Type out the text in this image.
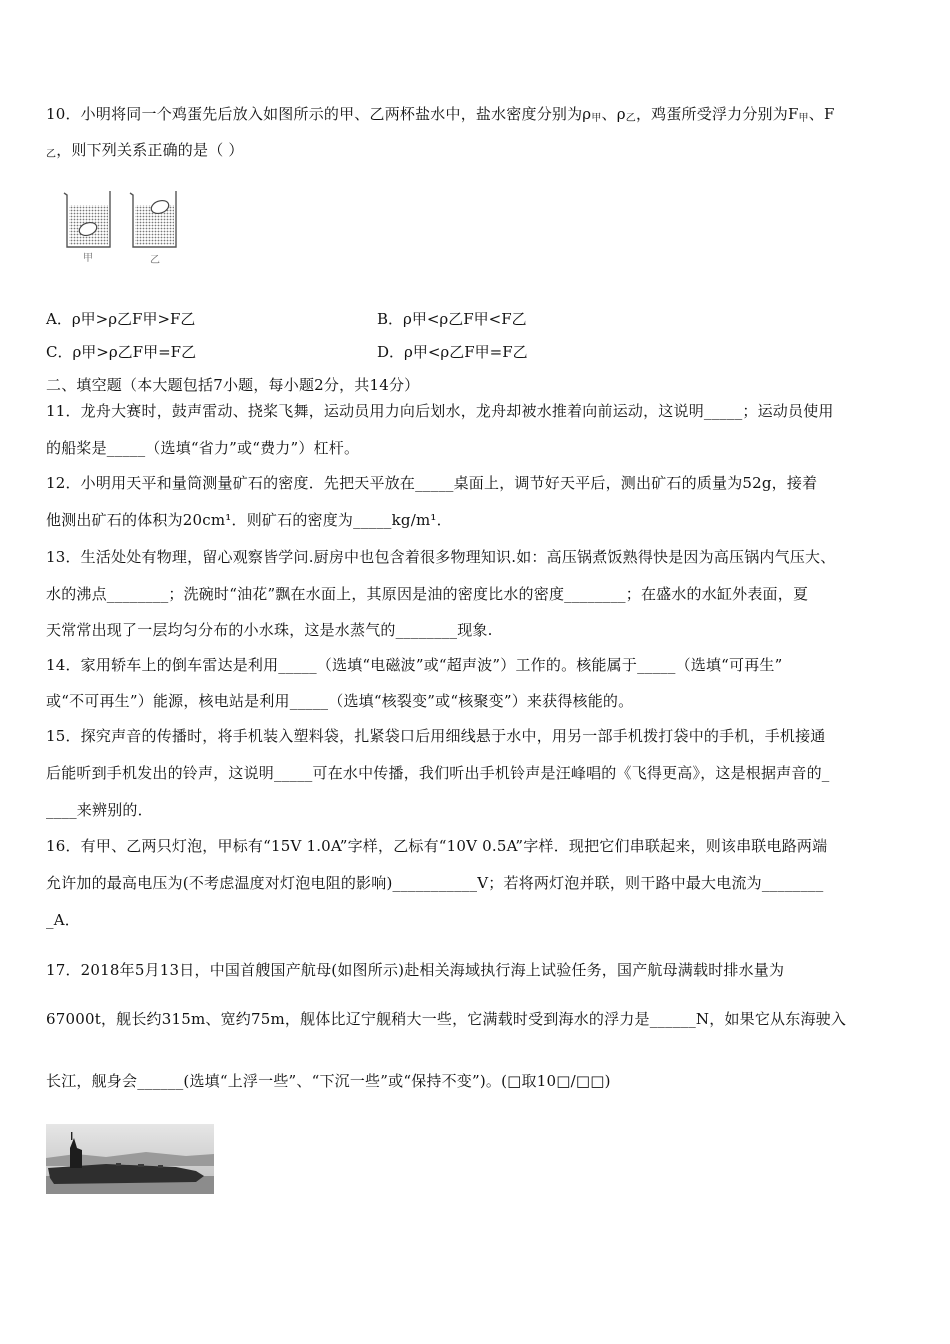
10．小明将同一个鸡蛋先后放入如图所示的甲、乙两杯盐水中，盐水密度分别为$\rho_甲$、$\rho_乙$，鸡蛋所受浮力分别为$F_甲$、F
$_乙$，则下列关系正确的是（ ）
甲	乙
A．ρ甲>ρ乙F甲>F乙	B．ρ甲<ρ乙F甲<F乙
C．ρ甲>ρ乙F甲=F乙	D．ρ甲<ρ乙F甲=F乙
二、填空题（本大题包括7小题，每小题2分，共14分）
11．龙舟大赛时，鼓声雷动、挠桨飞舞，运动员用力向后划水，龙舟却被水推着向前运动，这说明_____；运动员使用
的船桨是_____（选填“省力”或“费力”）杠杆。
12．小明用天平和量筒测量矿石的密度．先把天平放在_____桌面上，调节好天平后，测出矿石的质量为52g，接着
他测出矿石的体积为20cm¹．则矿石的密度为_____kg/m¹．
13．生活处处有物理，留心观察皆学问.厨房中也包含着很多物理知识.如：高压锅煮饭熟得快是因为高压锅内气压大、
水的沸点________；洗碗时“油花”飘在水面上，其原因是油的密度比水的密度________；在盛水的水缸外表面，夏
天常常出现了一层均匀分布的小水珠，这是水蒸气的________现象.
14．家用轿车上的倒车雷达是利用_____（选填“电磁波”或“超声波”）工作的。核能属于_____（选填“可再生”
或“不可再生”）能源，核电站是利用_____（选填“核裂变”或“核聚变”）来获得核能的。
15．探究声音的传播时，将手机装入塑料袋，扎紧袋口后用细线悬于水中，用另一部手机拨打袋中的手机，手机接通
后能听到手机发出的铃声，这说明_____可在水中传播，我们听出手机铃声是汪峰唱的《飞得更高》，这是根据声音的_
____来辨别的．
16．有甲、乙两只灯泡，甲标有“15V 1.0A”字样，乙标有“10V 0.5A”字样．现把它们串联起来，则该串联电路两端
允许加的最高电压为(不考虑温度对灯泡电阻的影响)___________V；若将两灯泡并联，则干路中最大电流为________
_A．
17．2018年5月13日，中国首艘国产航母(如图所示)赴相关海域执行海上试验任务，国产航母满载时排水量为
67000t，舰长约315m、宽约75m，舰体比辽宁舰稍大一些，它满载时受到海水的浮力是______N，如果它从东海驶入
长江，舰身会______(选填“上浮一些”、“下沉一些”或“保持不变”)。(□取10□/□□)
